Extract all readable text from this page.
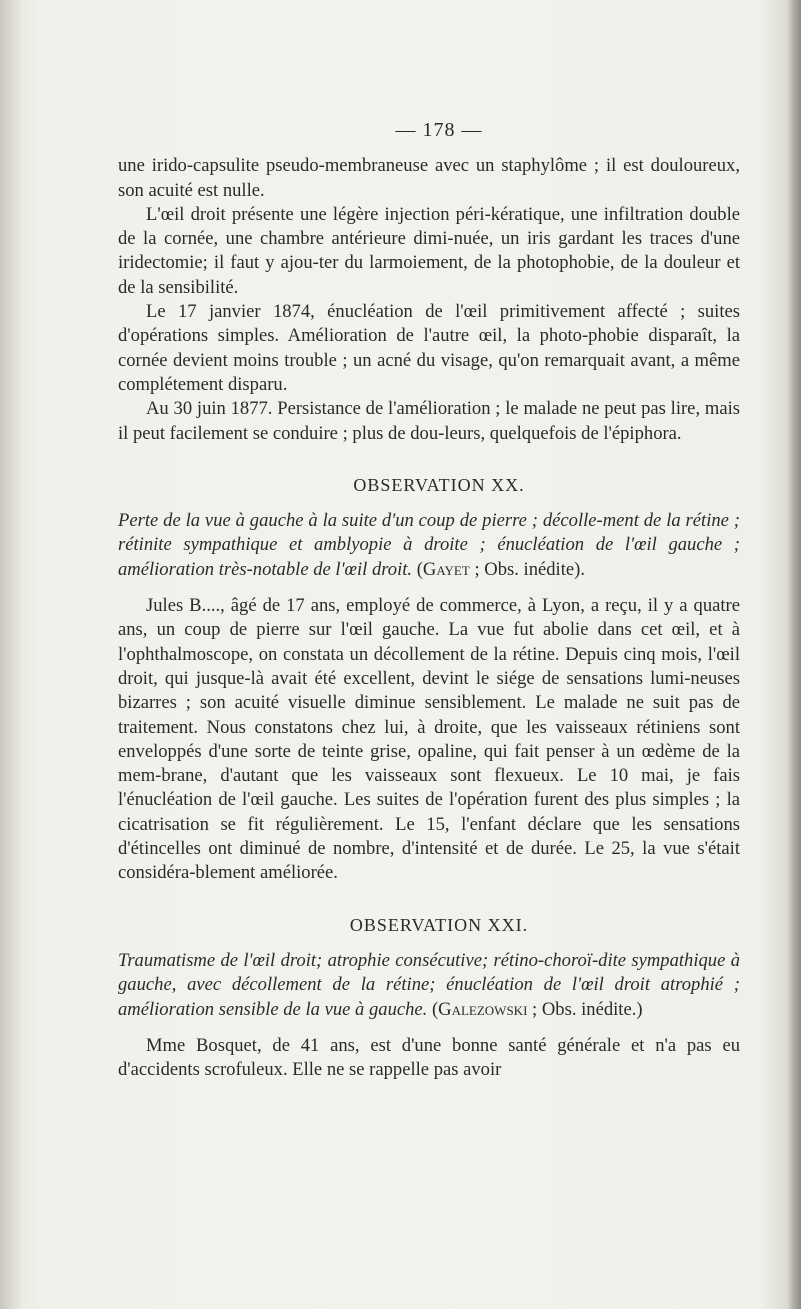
— 178 —

une irido-capsulite pseudo-membraneuse avec un staphylôme ; il est douloureux, son acuité est nulle.

L'œil droit présente une légère injection péri-kératique, une infiltration double de la cornée, une chambre antérieure dimi-nuée, un iris gardant les traces d'une iridectomie; il faut y ajou-ter du larmoiement, de la photophobie, de la douleur et de la sensibilité.

Le 17 janvier 1874, énucléation de l'œil primitivement affecté ; suites d'opérations simples. Amélioration de l'autre œil, la photo-phobie disparaît, la cornée devient moins trouble ; un acné du visage, qu'on remarquait avant, a même complétement disparu.

Au 30 juin 1877. Persistance de l'amélioration ; le malade ne peut pas lire, mais il peut facilement se conduire ; plus de dou-leurs, quelquefois de l'épiphora.

OBSERVATION XX.
Perte de la vue à gauche à la suite d'un coup de pierre ; décolle-ment de la rétine ; rétinite sympathique et amblyopie à droite ; énucléation de l'œil gauche ; amélioration très-notable de l'œil droit. (Gayet ; Obs. inédite).

Jules B...., âgé de 17 ans, employé de commerce, à Lyon, a reçu, il y a quatre ans, un coup de pierre sur l'œil gauche. La vue fut abolie dans cet œil, et à l'ophthalmoscope, on constata un décollement de la rétine. Depuis cinq mois, l'œil droit, qui jusque-là avait été excellent, devint le siége de sensations lumi-neuses bizarres ; son acuité visuelle diminue sensiblement. Le malade ne suit pas de traitement. Nous constatons chez lui, à droite, que les vaisseaux rétiniens sont enveloppés d'une sorte de teinte grise, opaline, qui fait penser à un œdème de la mem-brane, d'autant que les vaisseaux sont flexueux. Le 10 mai, je fais l'énucléation de l'œil gauche. Les suites de l'opération furent des plus simples ; la cicatrisation se fit régulièrement. Le 15, l'enfant déclare que les sensations d'étincelles ont diminué de nombre, d'intensité et de durée. Le 25, la vue s'était considéra-blement améliorée.

OBSERVATION XXI.
Traumatisme de l'œil droit; atrophie consécutive; rétino-choroï-dite sympathique à gauche, avec décollement de la rétine; énucléation de l'œil droit atrophié ; amélioration sensible de la vue à gauche. (Galezowski ; Obs. inédite.)

Mme Bosquet, de 41 ans, est d'une bonne santé générale et n'a pas eu d'accidents scrofuleux. Elle ne se rappelle pas avoir
